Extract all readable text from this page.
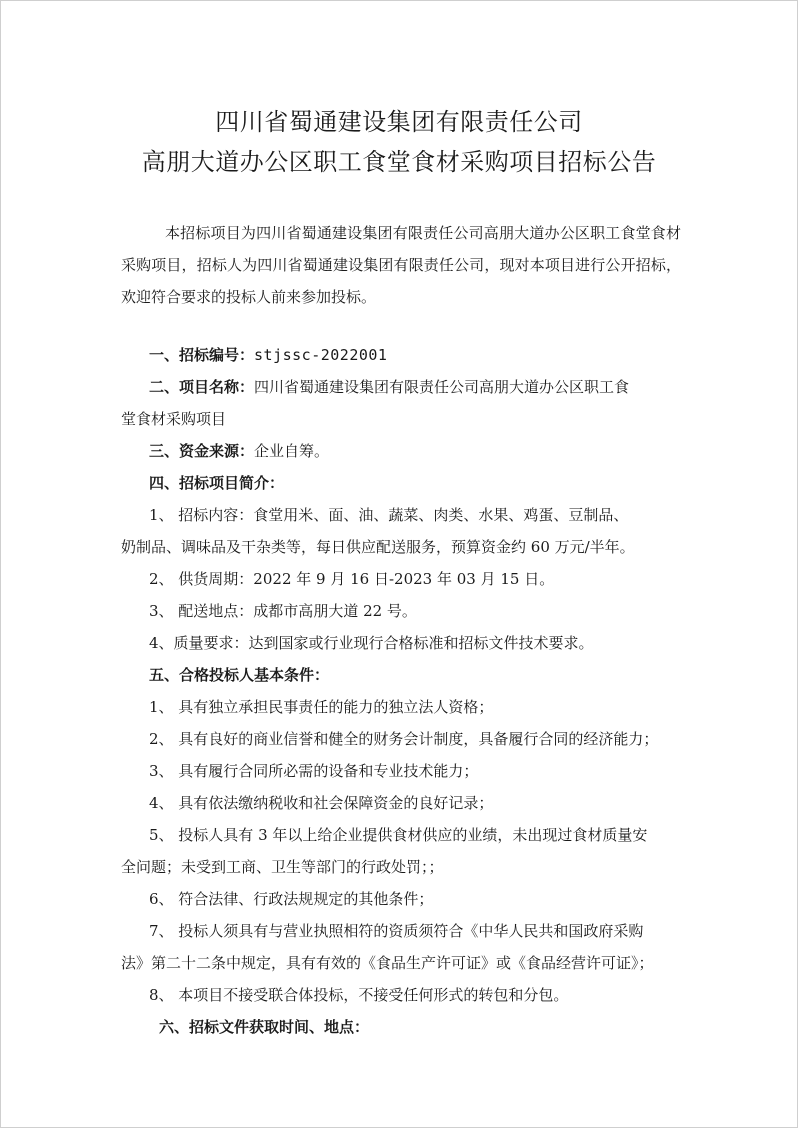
四川省蜀通建设集团有限责任公司
高朋大道办公区职工食堂食材采购项目招标公告
本招标项目为四川省蜀通建设集团有限责任公司高朋大道办公区职工食堂食材采购项目，招标人为四川省蜀通建设集团有限责任公司，现对本项目进行公开招标，欢迎符合要求的投标人前来参加投标。
一、招标编号：stjssc-2022001
二、项目名称：四川省蜀通建设集团有限责任公司高朋大道办公区职工食
堂食材采购项目
三、资金来源：企业自筹。
四、招标项目简介：
1、 招标内容：食堂用米、面、油、蔬菜、肉类、水果、鸡蛋、豆制品、
奶制品、调味品及干杂类等，每日供应配送服务，预算资金约 60 万元/半年。
2、 供货周期：2022 年 9 月 16 日-2023 年 03 月 15 日。
3、 配送地点：成都市高朋大道 22 号。
4、质量要求：达到国家或行业现行合格标准和招标文件技术要求。
五、合格投标人基本条件：
1、 具有独立承担民事责任的能力的独立法人资格；
2、 具有良好的商业信誉和健全的财务会计制度，具备履行合同的经济能力；
3、 具有履行合同所必需的设备和专业技术能力；
4、 具有依法缴纳税收和社会保障资金的良好记录；
5、 投标人具有 3 年以上给企业提供食材供应的业绩，未出现过食材质量安
全问题；未受到工商、卫生等部门的行政处罚；；
6、 符合法律、行政法规规定的其他条件；
7、 投标人须具有与营业执照相符的资质须符合《中华人民共和国政府采购
法》第二十二条中规定，具有有效的《食品生产许可证》或《食品经营许可证》；
8、 本项目不接受联合体投标，不接受任何形式的转包和分包。
六、招标文件获取时间、地点：
